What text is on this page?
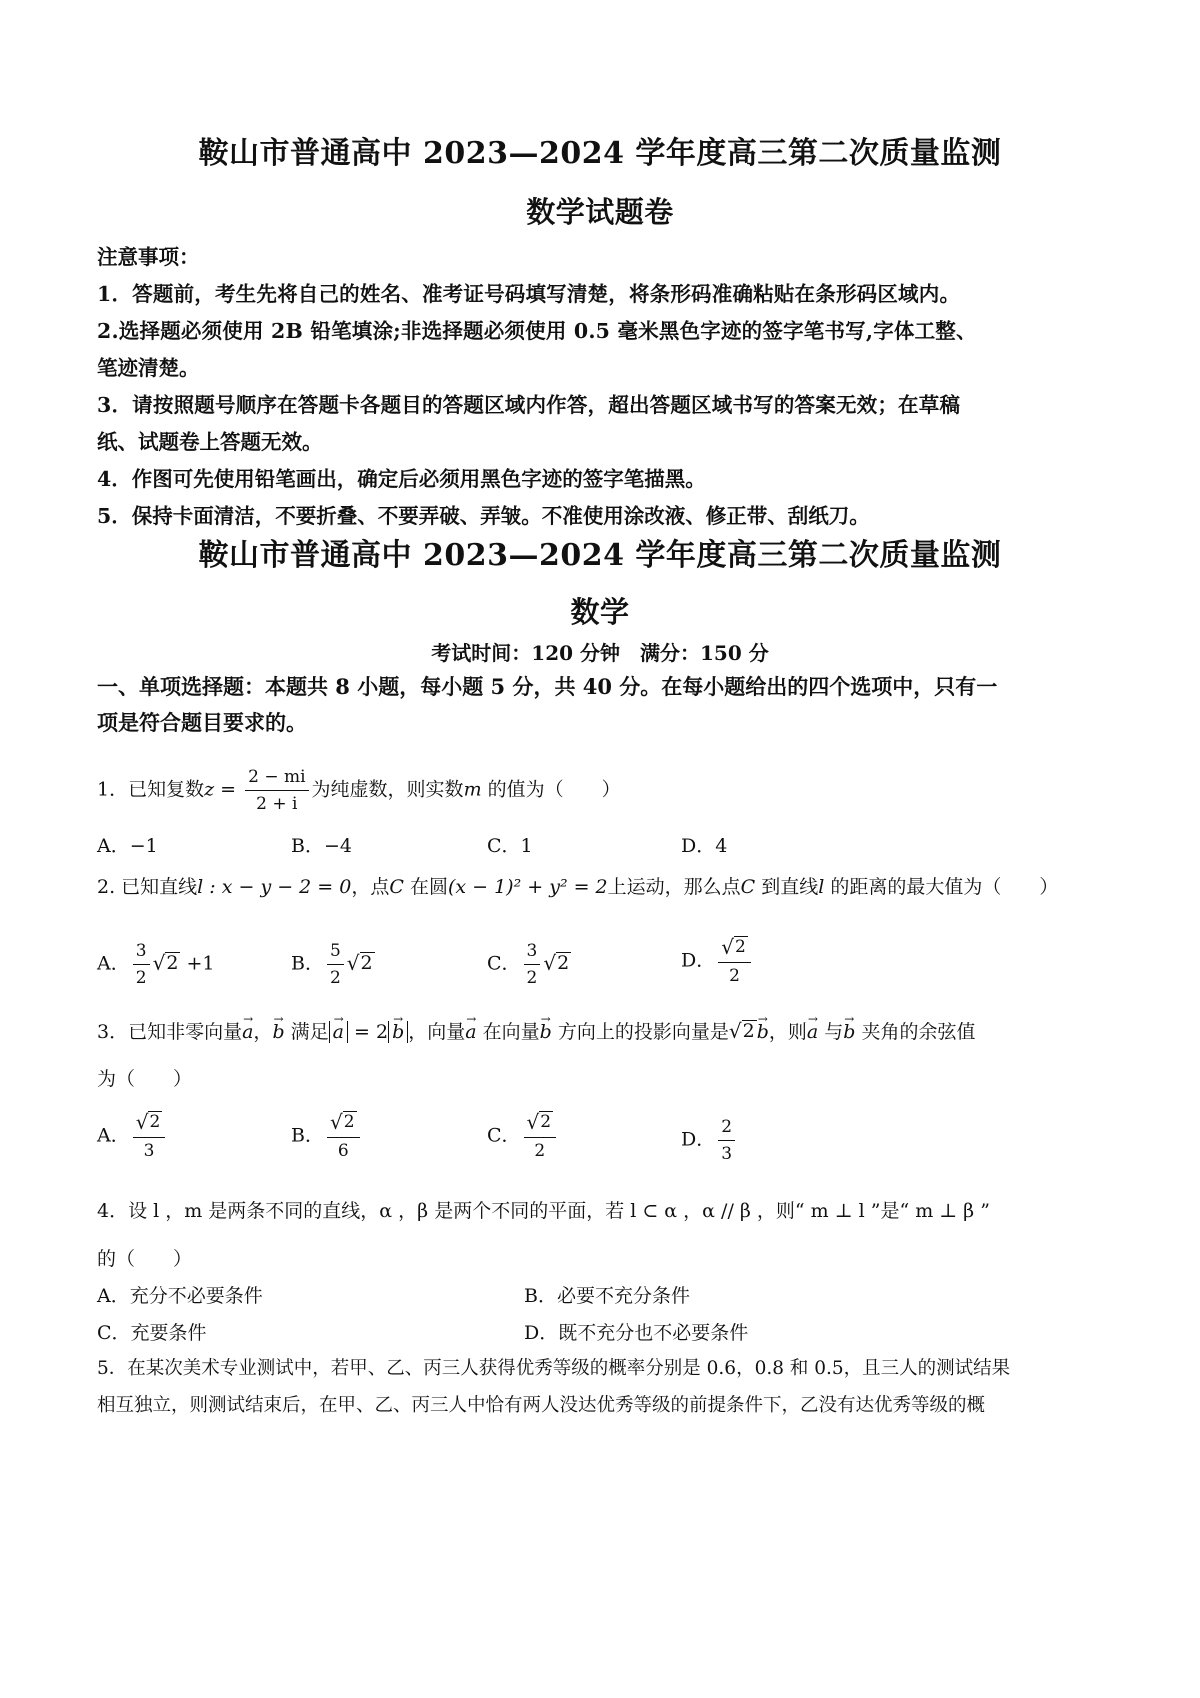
鞍山市普通高中 2023—2024 学年度高三第二次质量监测
数学试题卷
注意事项：
1．答题前，考生先将自己的姓名、准考证号码填写清楚，将条形码准确粘贴在条形码区域内。
2.选择题必须使用 2B 铅笔填涂;非选择题必须使用 0.5 毫米黑色字迹的签字笔书写,字体工整、
笔迹清楚。
3．请按照题号顺序在答题卡各题目的答题区域内作答，超出答题区域书写的答案无效；在草稿
纸、试题卷上答题无效。
4．作图可先使用铅笔画出，确定后必须用黑色字迹的签字笔描黑。
5．保持卡面清洁，不要折叠、不要弄破、弄皱。不准使用涂改液、修正带、刮纸刀。
鞍山市普通高中 2023—2024 学年度高三第二次质量监测
数学
考试时间：120 分钟　满分：150 分
一、单项选择题：本题共 8 小题，每小题 5 分，共 40 分。在每小题给出的四个选项中，只有一
项是符合题目要求的。
1．已知复数$z = \frac{2 - mi}{2 + i}$ 为纯虚数，则实数m 的值为（　　）
A．−1	B．−4	C．1	D．4
2. 已知直线l : x − y − 2 = 0，点C 在圆(x − 1)² + y² = 2上运动，那么点C 到直线l 的距离的最大值为（　　）
A． $\frac{3}{2}$ √ 2 +1	B． $\frac{5}{2}$ √ 2	C． $\frac{3}{2}$ √ 2	D． $\frac{√ 2}{2}$
3．已知非零向量→ a，→ b 满足 → a = 2 → b ，向量→ a 在向量→ b 方向上的投影向量是 √ 2 → b，则→ a 与→ b 夹角的余弦值
为（　　）
A． $\frac{√ 2}{3}$	B． $\frac{√ 2}{6}$	C． $\frac{√ 2}{2}$	D． $\frac{2}{3}$
4．设 l ，m 是两条不同的直线，α ，β 是两个不同的平面，若 l ⊂ α ，α // β ，则“ m ⊥ l ”是“ m ⊥ β ”
的（　　）
A．充分不必要条件	B．必要不充分条件
C．充要条件	D．既不充分也不必要条件
5．在某次美术专业测试中，若甲、乙、丙三人获得优秀等级的概率分别是 0.6，0.8 和 0.5，且三人的测试结果
相互独立，则测试结束后，在甲、乙、丙三人中恰有两人没达优秀等级的前提条件下，乙没有达优秀等级的概
